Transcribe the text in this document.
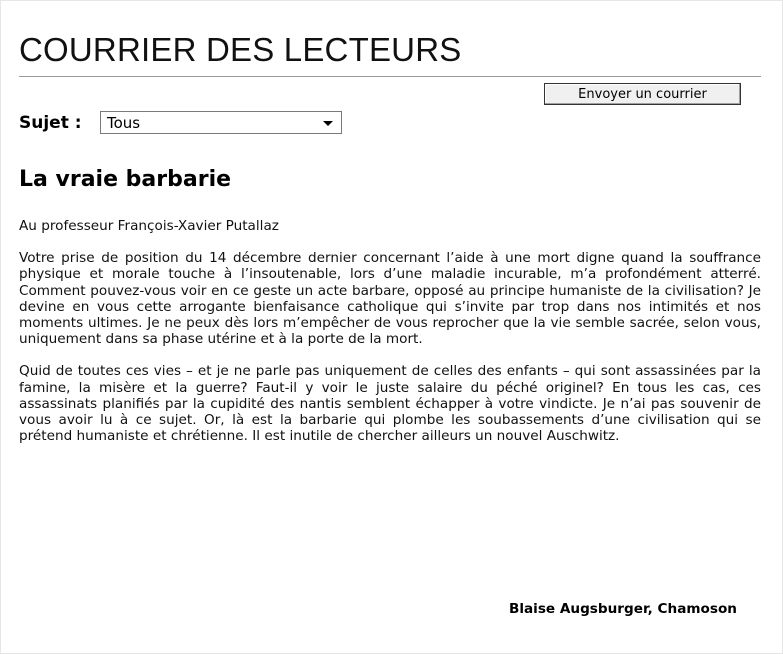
COURRIER DES LECTEURS
Envoyer un courrier
Sujet : Tous
La vraie barbarie

Au professeur François-Xavier Putallaz

Votre prise de position du 14 décembre dernier concernant l’aide à une mort digne quand la souffrance physique et morale touche à l’insoutenable, lors d’une maladie incurable, m’a profondément atterré. Comment pouvez-vous voir en ce geste un acte barbare, opposé au principe humaniste de la civilisation? Je devine en vous cette arrogante bienfaisance catholique qui s’invite par trop dans nos intimités et nos moments ultimes. Je ne peux dès lors m’empêcher de vous reprocher que la vie semble sacrée, selon vous, uniquement dans sa phase utérine et à la porte de la mort.

Quid de toutes ces vies – et je ne parle pas uniquement de celles des enfants – qui sont assassinées par la famine, la misère et la guerre? Faut-il y voir le juste salaire du péché originel? En tous les cas, ces assassinats planifiés par la cupidité des nantis semblent échapper à votre vindicte. Je n’ai pas souvenir de vous avoir lu à ce sujet. Or, là est la barbarie qui plombe les soubassements d’une civilisation qui se prétend humaniste et chrétienne. Il est inutile de chercher ailleurs un nouvel Auschwitz.

Blaise Augsburger, Chamoson
